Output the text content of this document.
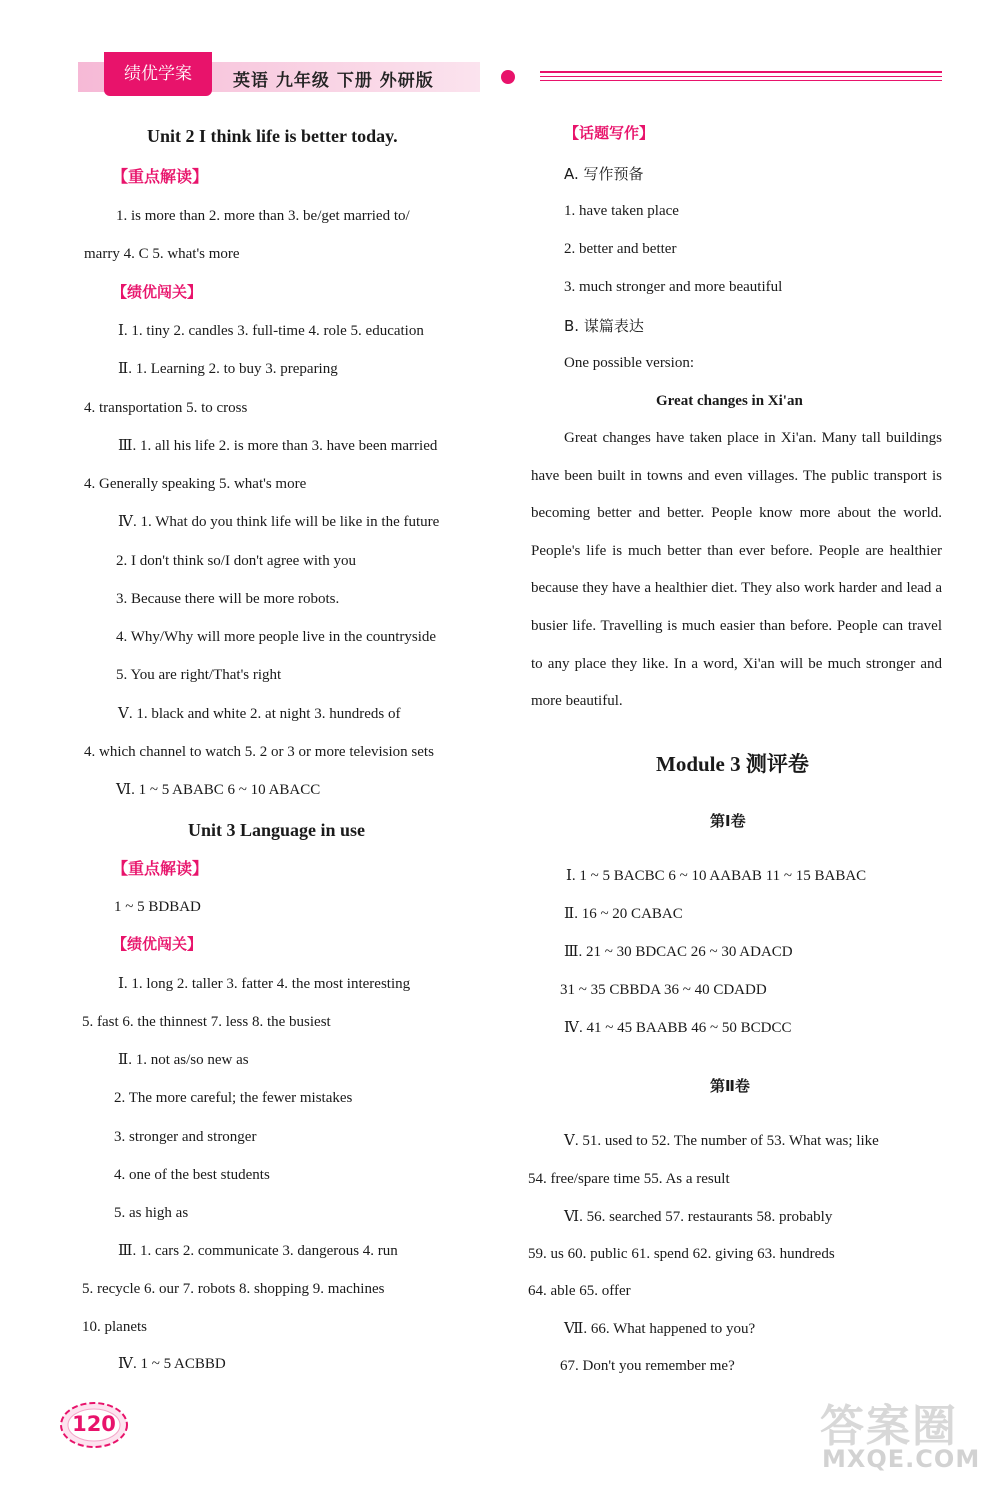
绩优学案	英语 九年级 下册 外研版
Unit 2 I think life is better today.
【重点解读】
1. is more than 2. more than 3. be/get married to/
marry 4. C 5. what's more
【绩优闯关】
Ⅰ. 1. tiny 2. candles 3. full-time 4. role 5. education
Ⅱ. 1. Learning 2. to buy 3. preparing
4. transportation 5. to cross
Ⅲ. 1. all his life 2. is more than 3. have been married
4. Generally speaking 5. what's more
Ⅳ. 1. What do you think life will be like in the future
2. I don't think so/I don't agree with you
3. Because there will be more robots.
4. Why/Why will more people live in the countryside
5. You are right/That's right
Ⅴ. 1. black and white 2. at night 3. hundreds of
4. which channel to watch 5. 2 or 3 or more television sets
Ⅵ. 1 ~ 5 ABABC 6 ~ 10 ABACC
Unit 3 Language in use
【重点解读】
1 ~ 5 BDBAD
【绩优闯关】
Ⅰ. 1. long 2. taller 3. fatter 4. the most interesting
5. fast 6. the thinnest 7. less 8. the busiest
Ⅱ. 1. not as/so new as
2. The more careful; the fewer mistakes
3. stronger and stronger
4. one of the best students
5. as high as
Ⅲ. 1. cars 2. communicate 3. dangerous 4. run
5. recycle 6. our 7. robots 8. shopping 9. machines
10. planets
Ⅳ. 1 ~ 5 ACBBD
【话题写作】
A. 写作预备
1. have taken place
2. better and better
3. much stronger and more beautiful
B. 谋篇表达
One possible version:
Great changes in Xi'an
Great changes have taken place in Xi'an. Many tall buildings have been built in towns and even villages. The public transport is becoming better and better. People know more about the world. People's life is much better than ever before. People are healthier because they have a healthier diet. They also work harder and lead a busier life. Travelling is much easier than before. People can travel to any place they like. In a word, Xi'an will be much stronger and more beautiful.
Module 3 测评卷
第Ⅰ卷
Ⅰ. 1 ~ 5 BACBC 6 ~ 10 AABAB 11 ~ 15 BABAC
Ⅱ. 16 ~ 20 CABAC
Ⅲ. 21 ~ 30 BDCAC 26 ~ 30 ADACD
31 ~ 35 CBBDA 36 ~ 40 CDADD
Ⅳ. 41 ~ 45 BAABB 46 ~ 50 BCDCC
第Ⅱ卷
Ⅴ. 51. used to 52. The number of 53. What was; like
54. free/spare time 55. As a result
Ⅵ. 56. searched 57. restaurants 58. probably
59. us 60. public 61. spend 62. giving 63. hundreds
64. able 65. offer
Ⅶ. 66. What happened to you?
67. Don't you remember me?
120	答案圈
MXQE.COM
